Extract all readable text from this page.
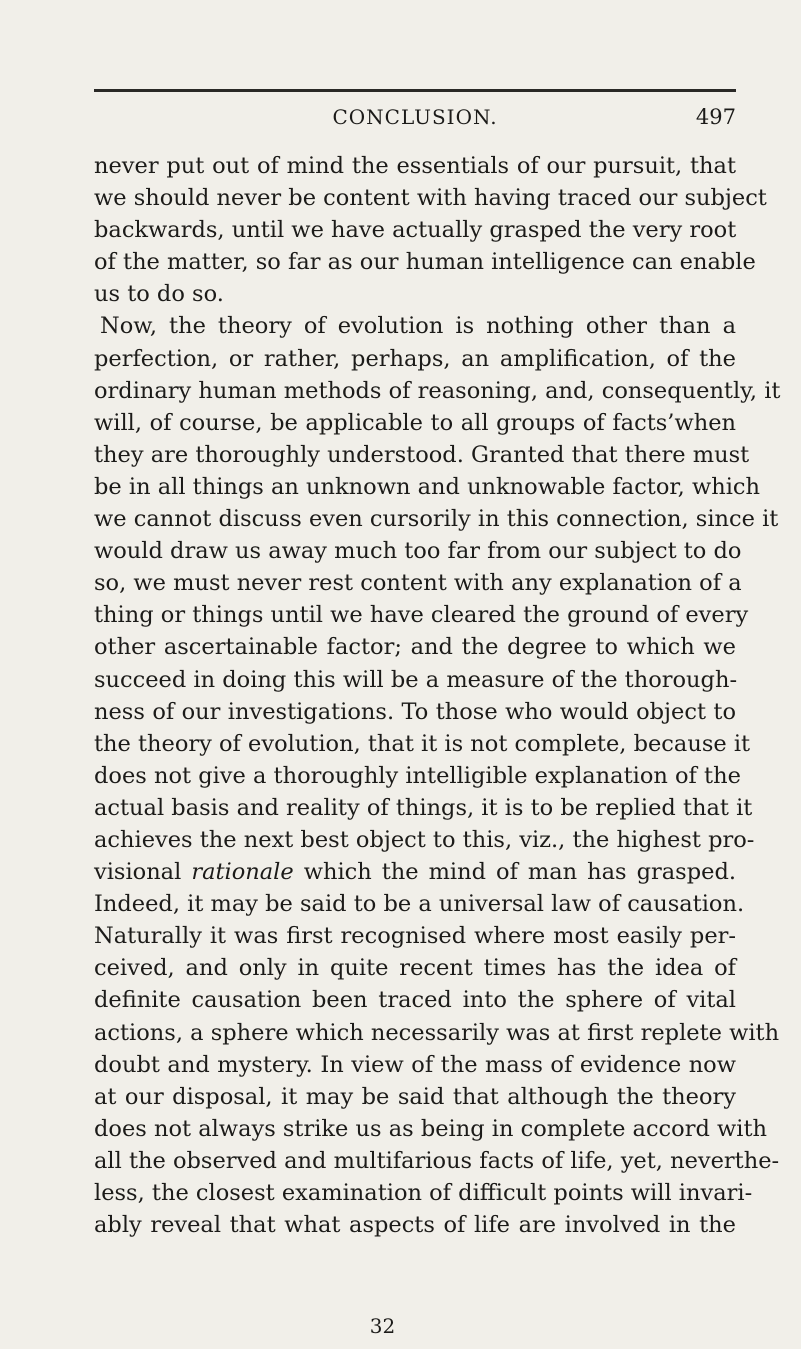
CONCLUSION.	497
never put out of mind the essentials of our pursuit, that
we should never be content with having traced our subject
backwards, until we have actually grasped the very root
of the matter, so far as our human intelligence can enable
us to do so.
Now, the theory of evolution is nothing other than a
perfection, or rather, perhaps, an amplification, of the
ordinary human methods of reasoning, and, consequently, it
will, of course, be applicable to all groups of facts’when
they are thoroughly understood. Granted that there must
be in all things an unknown and unknowable factor, which
we cannot discuss even cursorily in this connection, since it
would draw us away much too far from our subject to do
so, we must never rest content with any explanation of a
thing or things until we have cleared the ground of every
other ascertainable factor; and the degree to which we
succeed in doing this will be a measure of the thorough-
ness of our investigations. To those who would object to
the theory of evolution, that it is not complete, because it
does not give a thoroughly intelligible explanation of the
actual basis and reality of things, it is to be replied that it
achieves the next best object to this, viz., the highest pro-
visional rationale which the mind of man has grasped.
Indeed, it may be said to be a universal law of causation.
Naturally it was first recognised where most easily per-
ceived, and only in quite recent times has the idea of
definite causation been traced into the sphere of vital
actions, a sphere which necessarily was at first replete with
doubt and mystery. In view of the mass of evidence now
at our disposal, it may be said that although the theory
does not always strike us as being in complete accord with
all the observed and multifarious facts of life, yet, neverthe-
less, the closest examination of difficult points will invari-
ably reveal that what aspects of life are involved in the
32
